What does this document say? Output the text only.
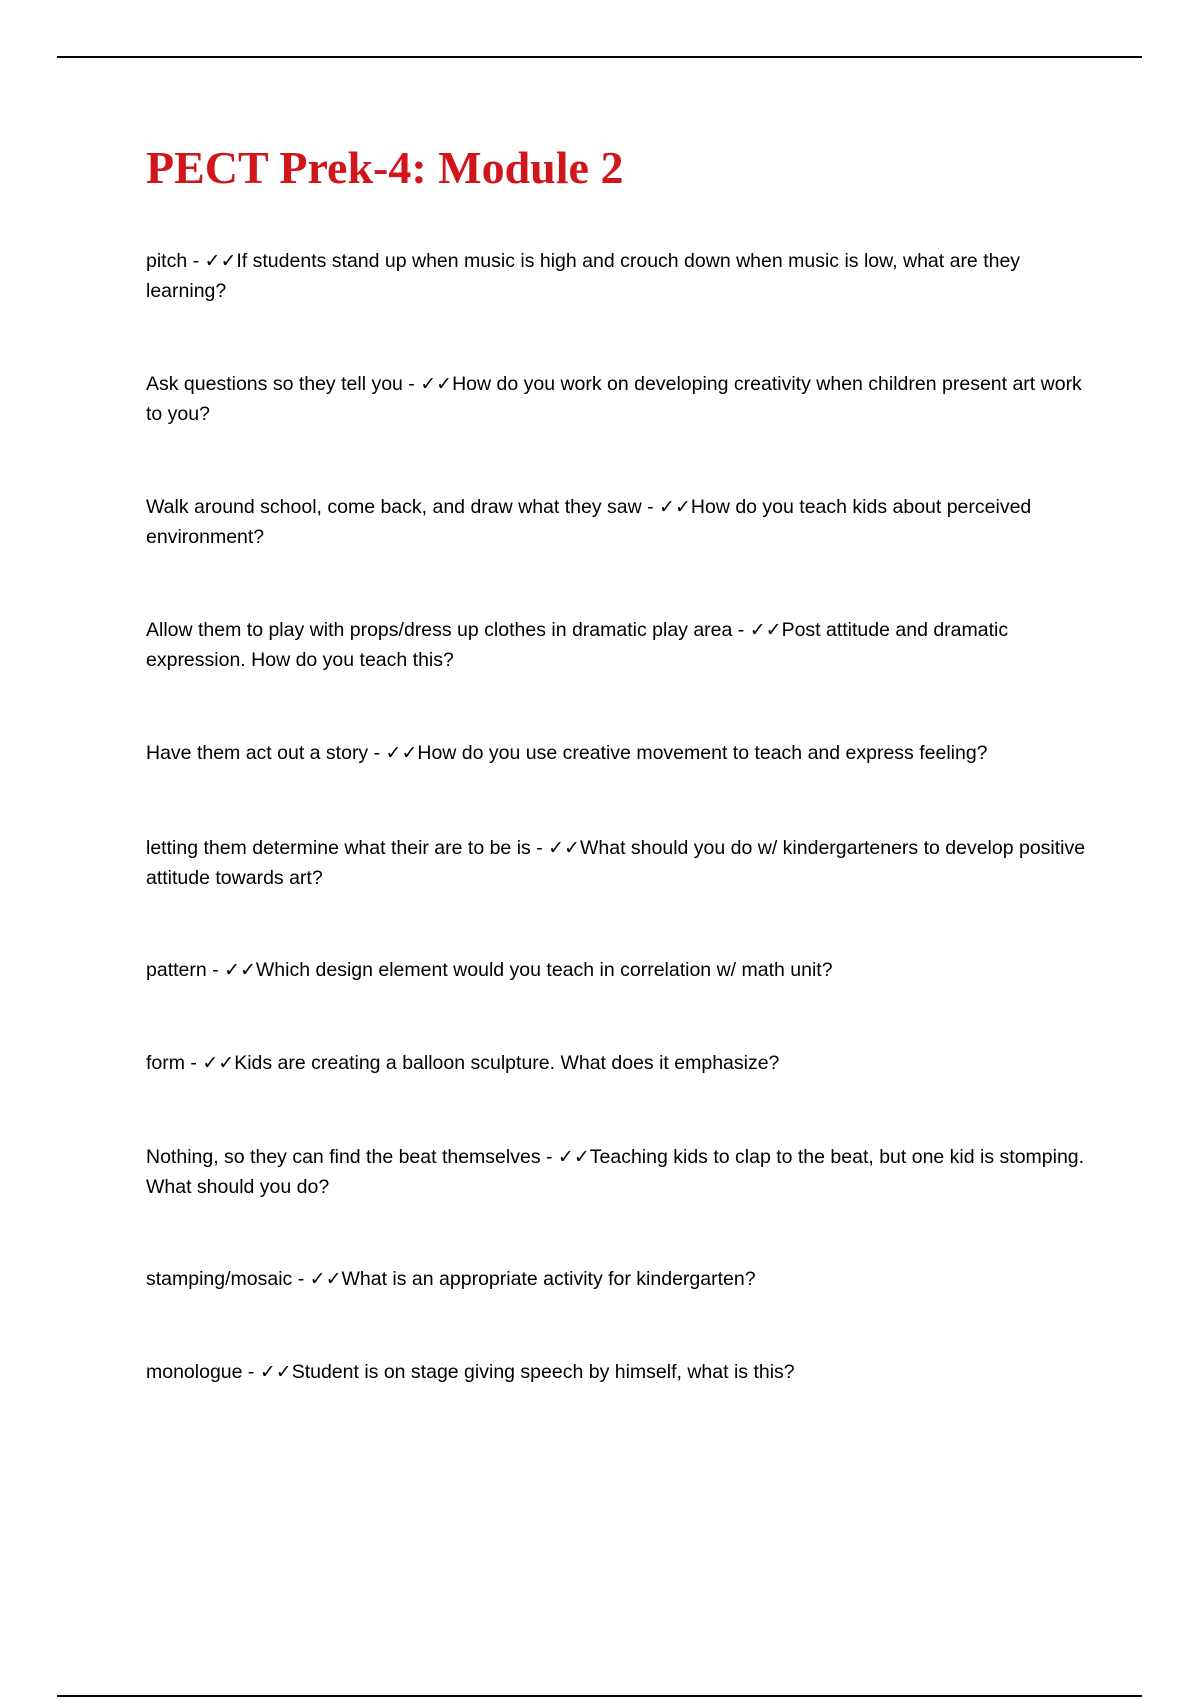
PECT Prek-4: Module 2
pitch - ✓✓If students stand up when music is high and crouch down when music is low, what are they learning?
Ask questions so they tell you - ✓✓How do you work on developing creativity when children present art work to you?
Walk around school, come back, and draw what they saw - ✓✓How do you teach kids about perceived environment?
Allow them to play with props/dress up clothes in dramatic play area - ✓✓Post attitude and dramatic expression. How do you teach this?
Have them act out a story - ✓✓How do you use creative movement to teach and express feeling?
letting them determine what their are to be is - ✓✓What should you do w/ kindergarteners to develop positive attitude towards art?
pattern - ✓✓Which design element would you teach in correlation w/ math unit?
form - ✓✓Kids are creating a balloon sculpture. What does it emphasize?
Nothing, so they can find the beat themselves - ✓✓Teaching kids to clap to the beat, but one kid is stomping. What should you do?
stamping/mosaic - ✓✓What is an appropriate activity for kindergarten?
monologue - ✓✓Student is on stage giving speech by himself, what is this?
